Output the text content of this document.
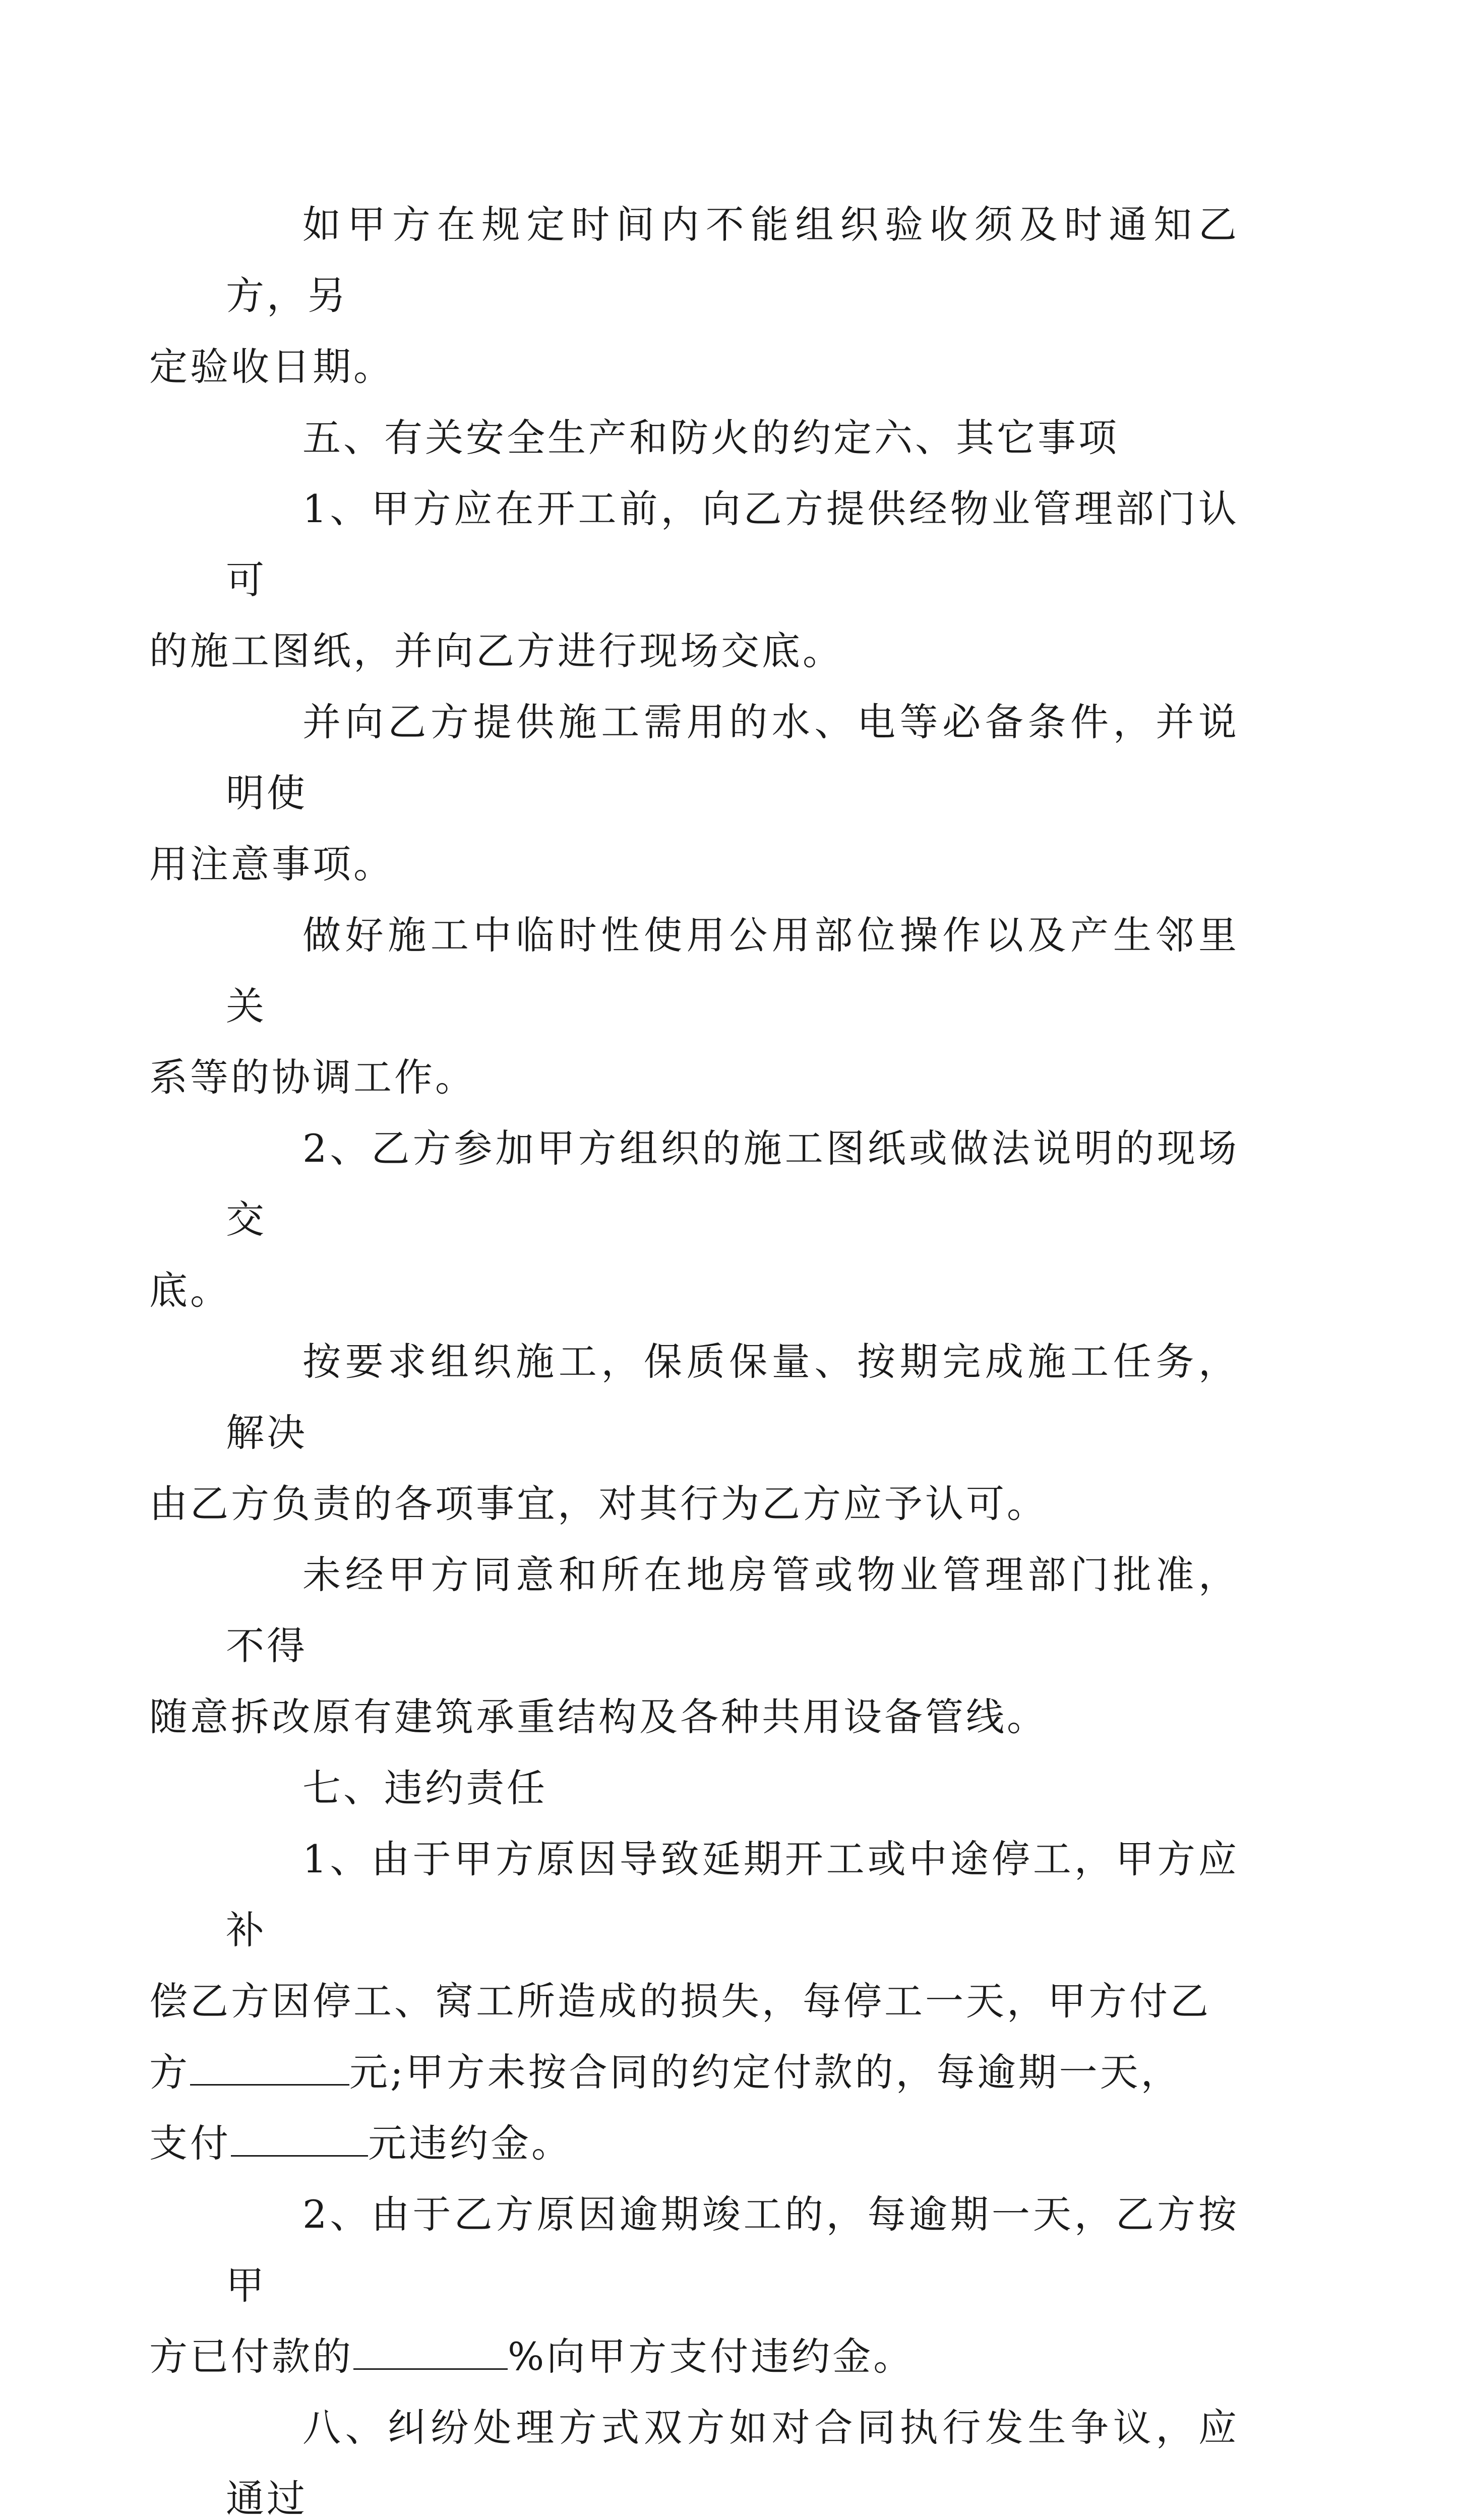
如甲方在规定时间内不能组织验收须及时通知乙方，另
定验收日期。

五、有关安全生产和防火的约定六、其它事项

1、甲方应在开工前，向乙方提供经物业管理部门认可
的施工图纸，并向乙方进行现场交底。

并向乙方提供施工需用的水、电等必备条件，并说明使
用注意事项。

做好施工中临时性使用公用部位操作以及产生邻里关
系等的协调工作。

2、乙方参加甲方组织的施工图纸或做法说明的现场交
底。

按要求组织施工，保质保量、按期完成施工任务，解决
由乙方负责的各项事宜，对其行为乙方应予认可。

未经甲方同意和所在地房管或物业管理部门批准，不得
随意拆改原有建筑承重结构及各种共用设备管线。

七、违约责任

1、由于甲方原因导致延期开工或中途停工，甲方应补
偿乙方因停工、窝工所造成的损失，每停工一天，甲方付乙
方	元;甲方未按合同的约定付款的，每逾期一天，
支付	元违约金。

2、由于乙方原因逾期竣工的，每逾期一天，乙方按甲
方已付款的	%向甲方支付违约金。

八、纠纷处理方式双方如对合同执行发生争议，应通过
